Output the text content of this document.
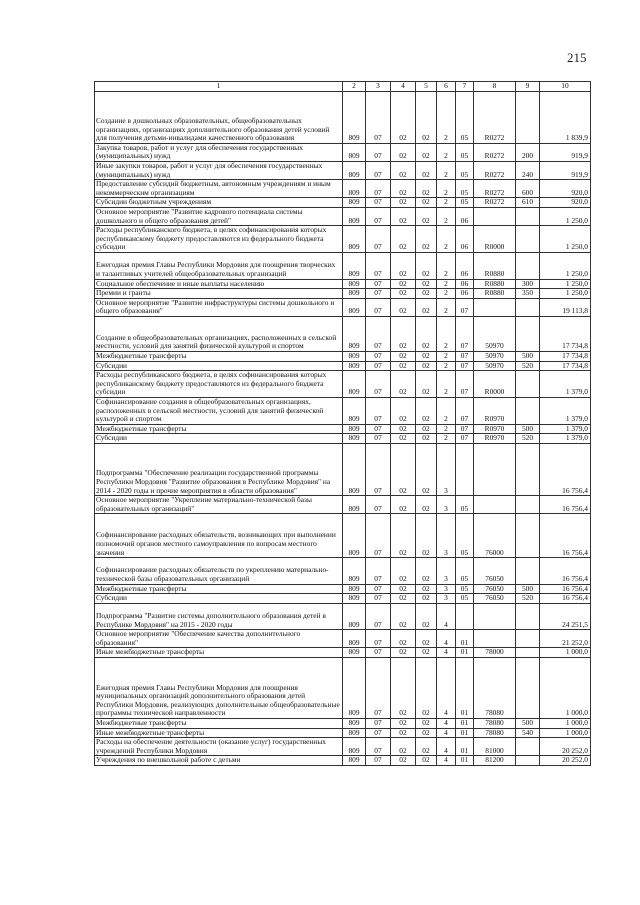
215
1	2	3	4	5	6	7	8	9	10
Создание в дошкольных образовательных, общеобразовательных организациях, организациях дополнительного образования детей условий для получения детьми-инвалидами качественного образования	809	07	02	02	2	05	R0272		1 839,9
Закупка товаров, работ и услуг для обеспечения государственных (муниципальных) нужд	809	07	02	02	2	05	R0272	200	919,9
Иные закупки товаров, работ и услуг для обеспечения государственных (муниципальных) нужд	809	07	02	02	2	05	R0272	240	919,9
Предоставление субсидий бюджетным, автономным учреждениям и иным некоммерческим организациям	809	07	02	02	2	05	R0272	600	920,0
Субсидии бюджетным учреждениям	809	07	02	02	2	05	R0272	610	920,0
Основное мероприятие "Развитие кадрового потенциала системы дошкольного и общего образования детей"	809	07	02	02	2	06			1 250,0
Расходы республиканского бюджета, в целях софинансирования которых республиканскому бюджету предоставляются из федерального бюджета субсидии	809	07	02	02	2	06	R0000		1 250,0
Ежегодная премия Главы Республики Мордовия для поощрения творческих и талантливых учителей общеобразовательных организаций	809	07	02	02	2	06	R0880		1 250,0
Социальное обеспечение и иные выплаты населению	809	07	02	02	2	06	R0880	300	1 250,0
Премии и гранты	809	07	02	02	2	06	R0880	350	1 250,0
Основное мероприятие "Развитие инфраструктуры системы дошкольного и общего образования"	809	07	02	02	2	07			19 113,8
Создание в общеобразовательных организациях, расположенных в сельской местности, условий для занятий физической культурой и спортом	809	07	02	02	2	07	50970		17 734,8
Межбюджетные трансферты	809	07	02	02	2	07	50970	500	17 734,8
Субсидии	809	07	02	02	2	07	50970	520	17 734,8
Расходы республиканского бюджета, в целях софинансирования которых республиканскому бюджету предоставляются из федерального бюджета субсидии	809	07	02	02	2	07	R0000		1 379,0
Софинансирование создания в общеобразовательных организациях, расположенных в сельской местности, условий для занятий физической культурой и спортом	809	07	02	02	2	07	R0970		1 379,0
Межбюджетные трансферты	809	07	02	02	2	07	R0970	500	1 379,0
Субсидии	809	07	02	02	2	07	R0970	520	1 379,0
Подпрограмма "Обеспечение реализации государственной программы Республики Мордовия "Развитие образования в Республике Мордовия" на 2014 - 2020 годы и прочие мероприятия в области образования"	809	07	02	02	3				16 756,4
Основное мероприятие "Укрепление материально-технической базы образовательных организаций"	809	07	02	02	3	05			16 756,4
Софинансирование расходных обязательств, возникающих при выполнении полномочий органов местного самоуправления по вопросам местного значения	809	07	02	02	3	05	76000		16 756,4
Софинансирование расходных обязательств по укреплению материально-технической базы образовательных организаций	809	07	02	02	3	05	76050		16 756,4
Межбюджетные трансферты	809	07	02	02	3	05	76050	500	16 756,4
Субсидии	809	07	02	02	3	05	76050	520	16 756,4
Подпрограмма "Развитие системы дополнительного образования детей в Республике Мордовия" на 2015 - 2020 годы	809	07	02	02	4				24 251,5
Основное мероприятие "Обеспечение качества дополнительного образования"	809	07	02	02	4	01			21 252,0
Иные межбюджетные трансферты	809	07	02	02	4	01	78000		1 000,0
Ежегодная премия Главы Республики Мордовия для поощрения муниципальных организаций дополнительного образования детей Республики Мордовия, реализующих дополнительные общеобразовательные программы технической направленности	809	07	02	02	4	01	78080		1 000,0
Межбюджетные трансферты	809	07	02	02	4	01	78080	500	1 000,0
Иные межбюджетные трансферты	809	07	02	02	4	01	78080	540	1 000,0
Расходы на обеспечение деятельности (оказание услуг) государственных учреждений Республики Мордовия	809	07	02	02	4	01	81000		20 252,0
Учреждения по внешкольной работе с детьми	809	07	02	02	4	01	81200		20 252,0
